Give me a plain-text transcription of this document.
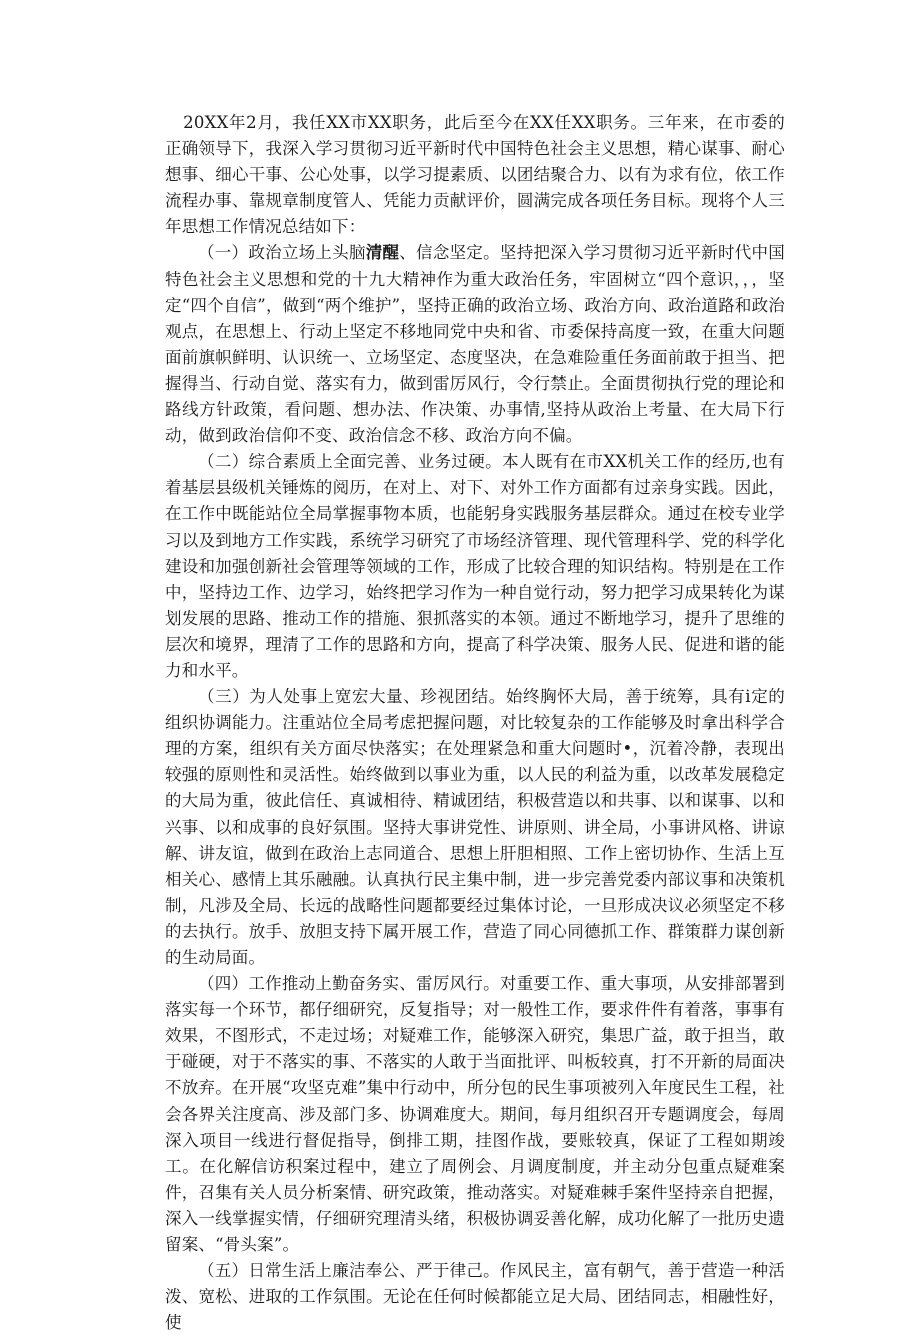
20XX年2月，我任XX市XX职务，此后至今在XX任XX职务。三年来，在市委的正确领导下，我深入学习贯彻习近平新时代中国特色社会主义思想，精心谋事、耐心想事、细心干事、公心处事，以学习提素质、以团结聚合力、以有为求有位，依工作流程办事、靠规章制度管人、凭能力贡献评价，圆满完成各项任务目标。现将个人三年思想工作情况总结如下：

（一）政治立场上头脑清醒、信念坚定。坚持把深入学习贯彻习近平新时代中国特色社会主义思想和党的十九大精神作为重大政治任务，牢固树立“四个意识，，，坚定“四个自信”，做到“两个维护”，坚持正确的政治立场、政治方向、政治道路和政治观点，在思想上、行动上坚定不移地同党中央和省、市委保持高度一致，在重大问题面前旗帜鲜明、认识统一、立场坚定、态度坚决，在急难险重任务面前敢于担当、把握得当、行动自觉、落实有力，做到雷厉风行，令行禁止。全面贯彻执行党的理论和路线方针政策，看问题、想办法、作决策、办事情,坚持从政治上考量、在大局下行动，做到政治信仰不变、政治信念不移、政治方向不偏。

（二）综合素质上全面完善、业务过硬。本人既有在市XX机关工作的经历,也有着基层县级机关锤炼的阅历，在对上、对下、对外工作方面都有过亲身实践。因此，在工作中既能站位全局掌握事物本质，也能躬身实践服务基层群众。通过在校专业学习以及到地方工作实践，系统学习研究了市场经济管理、现代管理科学、党的科学化建设和加强创新社会管理等领域的工作，形成了比较合理的知识结构。特别是在工作中，坚持边工作、边学习，始终把学习作为一种自觉行动，努力把学习成果转化为谋划发展的思路、推动工作的措施、狠抓落实的本领。通过不断地学习，提升了思维的层次和境界，理清了工作的思路和方向，提高了科学决策、服务人民、促进和谐的能力和水平。

（三）为人处事上宽宏大量、珍视团结。始终胸怀大局，善于统筹，具有i定的组织协调能力。注重站位全局考虑把握问题，对比较复杂的工作能够及时拿出科学合理的方案，组织有关方面尽快落实；在处理紧急和重大问题时•，沉着冷静，表现出较强的原则性和灵活性。始终做到以事业为重，以人民的利益为重，以改革发展稳定的大局为重，彼此信任、真诚相待、精诚团结，积极营造以和共事、以和谋事、以和兴事、以和成事的良好氛围。坚持大事讲党性、讲原则、讲全局，小事讲风格、讲谅解、讲友谊，做到在政治上志同道合、思想上肝胆相照、工作上密切协作、生活上互相关心、感情上其乐融融。认真执行民主集中制，进一步完善党委内部议事和决策机制，凡涉及全局、长远的战略性问题都要经过集体讨论，一旦形成决议必须坚定不移的去执行。放手、放胆支持下属开展工作，营造了同心同德抓工作、群策群力谋创新的生动局面。

（四）工作推动上勤奋务实、雷厉风行。对重要工作、重大事项，从安排部署到落实每一个环节，都仔细研究，反复指导；对一般性工作，要求件件有着落，事事有效果，不图形式，不走过场；对疑难工作，能够深入研究，集思广益，敢于担当，敢于碰硬，对于不落实的事、不落实的人敢于当面批评、叫板较真，打不开新的局面决不放弃。在开展“攻坚克难”集中行动中，所分包的民生事项被列入年度民生工程，社会各界关注度高、涉及部门多、协调难度大。期间，每月组织召开专题调度会，每周深入项目一线进行督促指导，倒排工期，挂图作战，要账较真，保证了工程如期竣工。在化解信访积案过程中，建立了周例会、月调度制度，并主动分包重点疑难案件，召集有关人员分析案情、研究政策，推动落实。对疑难棘手案件坚持亲自把握，深入一线掌握实情，仔细研究理清头绪，积极协调妥善化解，成功化解了一批历史遗留案、“骨头案”。

（五）日常生活上廉洁奉公、严于律己。作风民主，富有朝气，善于营造一种活泼、宽松、进取的工作氛围。无论在任何时候都能立足大局、团结同志，相融性好，使
